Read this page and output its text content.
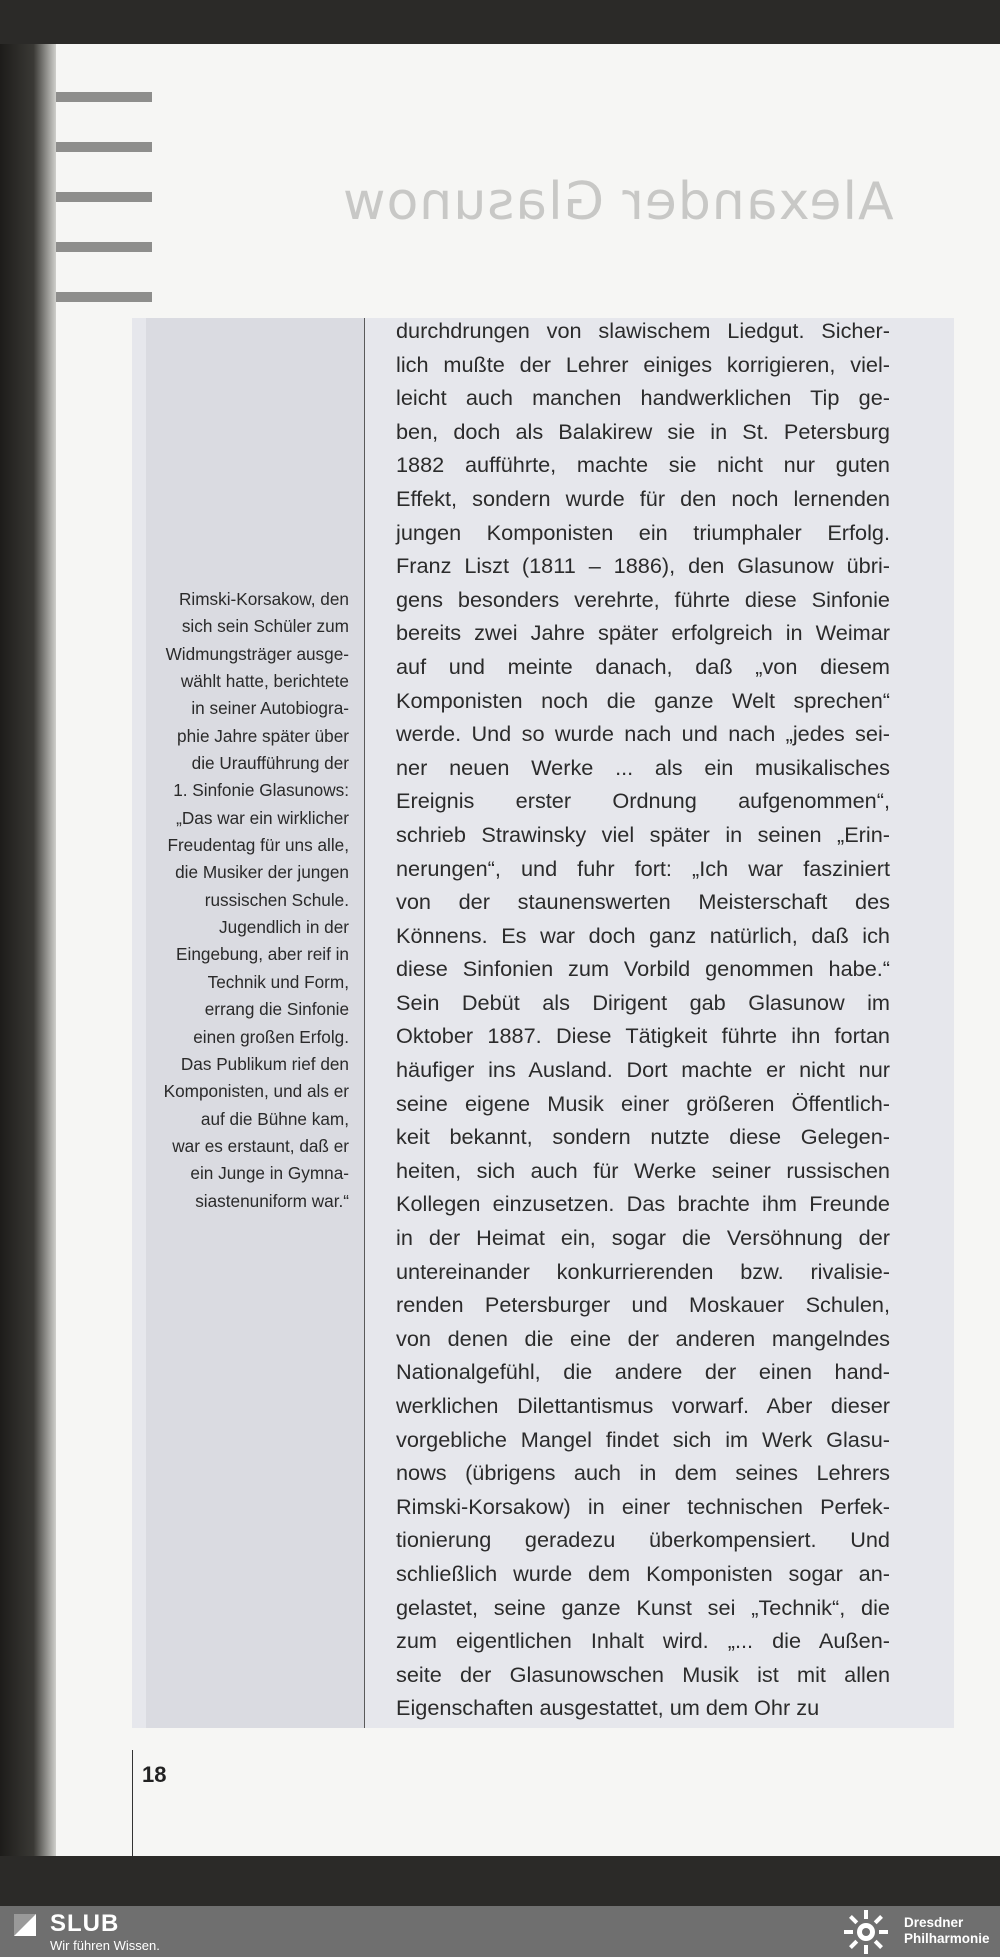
Alexander Glasunow
Rimski-Korsakow, den
sich sein Schüler zum
Widmungsträger ausge-
wählt hatte, berichtete
in seiner Autobiogra-
phie Jahre später über
die Uraufführung der
1. Sinfonie Glasunows:
„Das war ein wirklicher
Freudentag für uns alle,
die Musiker der jungen
russischen Schule.
Jugendlich in der
Eingebung, aber reif in
Technik und Form,
errang die Sinfonie
einen großen Erfolg.
Das Publikum rief den
Komponisten, und als er
auf die Bühne kam,
war es erstaunt, daß er
ein Junge in Gymna-
siastenuniform war.“
durchdrungen von slawischem Liedgut. Sicher-
lich mußte der Lehrer einiges korrigieren, viel-
leicht auch manchen handwerklichen Tip ge-
ben, doch als Balakirew sie in St. Petersburg
1882 aufführte, machte sie nicht nur guten
Effekt, sondern wurde für den noch lernenden
jungen Komponisten ein triumphaler Erfolg.
Franz Liszt (1811 – 1886), den Glasunow übri-
gens besonders verehrte, führte diese Sinfonie
bereits zwei Jahre später erfolgreich in Weimar
auf und meinte danach, daß „von diesem
Komponisten noch die ganze Welt sprechen“
werde. Und so wurde nach und nach „jedes sei-
ner neuen Werke ... als ein musikalisches
Ereignis erster Ordnung aufgenommen“,
schrieb Strawinsky viel später in seinen „Erin-
nerungen“, und fuhr fort: „Ich war fasziniert
von der staunenswerten Meisterschaft des
Könnens. Es war doch ganz natürlich, daß ich
diese Sinfonien zum Vorbild genommen habe.“
Sein Debüt als Dirigent gab Glasunow im
Oktober 1887. Diese Tätigkeit führte ihn fortan
häufiger ins Ausland. Dort machte er nicht nur
seine eigene Musik einer größeren Öffentlich-
keit bekannt, sondern nutzte diese Gelegen-
heiten, sich auch für Werke seiner russischen
Kollegen einzusetzen. Das brachte ihm Freunde
in der Heimat ein, sogar die Versöhnung der
untereinander konkurrierenden bzw. rivalisie-
renden Petersburger und Moskauer Schulen,
von denen die eine der anderen mangelndes
Nationalgefühl, die andere der einen hand-
werklichen Dilettantismus vorwarf. Aber dieser
vorgebliche Mangel findet sich im Werk Glasu-
nows (übrigens auch in dem seines Lehrers
Rimski-Korsakow) in einer technischen Perfek-
tionierung geradezu überkompensiert. Und
schließlich wurde dem Komponisten sogar an-
gelastet, seine ganze Kunst sei „Technik“, die
zum eigentlichen Inhalt wird. „... die Außen-
seite der Glasunowschen Musik ist mit allen
Eigenschaften ausgestattet, um dem Ohr zu
18
SLUB
Wir führen Wissen.
Dresdner
Philharmonie
